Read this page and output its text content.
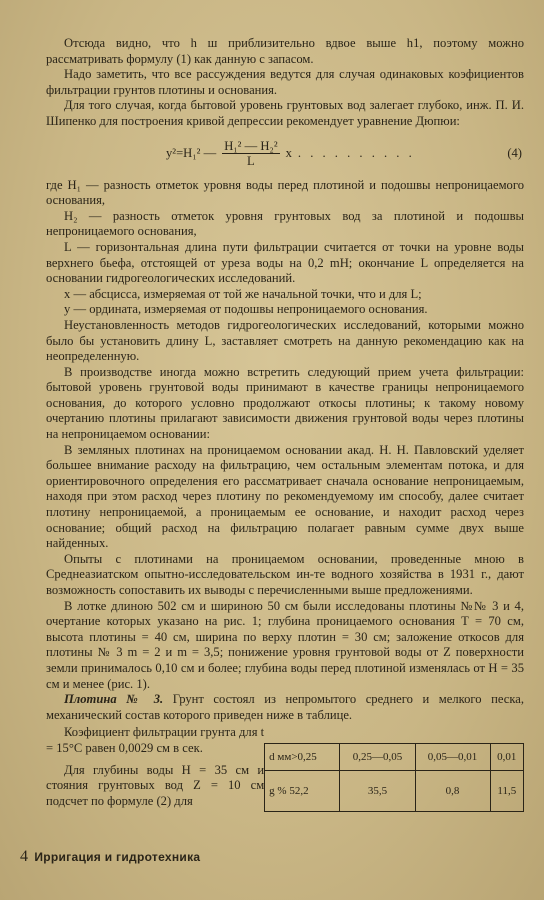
Отсюда видно, что h ш приблизительно вдвое выше h1, поэтому можно рассматривать формулу (1) как данную с запасом.

Надо заметить, что все рассуждения ведутся для случая одинаковых коэфициентов фильтрации грунтов плотины и основания.

Для того случая, когда бытовой уровень грунтовых вод залегает глубоко, инж. П. И. Шипенко для построения кривой депрессии рекомендует уравнение Дюпюи:

y²=H₁² — $\frac{\text{H₁² — H₂²}}{L}$ x . . . . . . . . . .	(4)

где H₁ — разность отметок уровня воды перед плотиной и подошвы непроницаемого основания,

H₂ — разность отметок уровня грунтовых вод за плотиной и подошвы непроницаемого основания,

L — горизонтальная длина пути фильтрации считается от точки на уровне воды верхнего бьефа, отстоящей от уреза воды на 0,2 mH; окончание L определяется на основании гидрогеологических исследований.

x — абсцисса, измеряемая от той же начальной точки, что и для L;

y — ордината, измеряемая от подошвы непроницаемого основания.

Неустановленность методов гидрогеологических исследований, которыми можно было бы установить длину L, заставляет смотреть на данную рекомендацию как на неопределенную.

В производстве иногда можно встретить следующий прием учета фильтрации: бытовой уровень грунтовой воды принимают в качестве границы непроницаемого основания, до которого условно продолжают откосы плотины; к такому новому очертанию плотины прилагают зависимости движения грунтовой воды через плотины на непроницаемом основании:

В земляных плотинах на проницаемом основании акад. Н. Н. Павловский уделяет большее внимание расходу на фильтрацию, чем остальным элементам потока, и для ориентировочного определения его рассматривает сначала основание непроницаемым, находя при этом расход через плотину по рекомендуемому им способу, далее считает плотину непроницаемой, а проницаемым ее основание, и находит расход через основание; общий расход на фильтрацию полагает равным сумме двух выше найденных.

Опыты с плотинами на проницаемом основании, проведенные мною в Среднеазиатском опытно-исследовательском ин-те водного хозяйства в 1931 г., дают возможность сопоставить их выводы с перечисленными выше предложениями.

В лотке длиною 502 см и шириною 50 см были исследованы плотины №№ 3 и 4, очертание которых указано на рис. 1; глубина проницаемого основания T = 70 см, высота плотины = 40 см, ширина по верху плотин = 30 см; заложение откосов для плотины № 3 m = 2 и m = 3,5; понижение уровня грунтовой воды от Z поверхности земли принималось 0,10 см и более; глубина воды перед плотиной изменялась от H = 35 см и менее (рис. 1).

Плотина № 3. Грунт состоял из непромытого среднего и мелкого песка, механический состав которого приведен ниже в таблице.

Коэфициент фильтрации грунта для t = 15°C равен 0,0029 см в сек.

Для глубины воды H = 35 см и стояния грунтовых вод Z = 10 см подсчет по формуле (2) для

d мм>0,25	0,25—0,05	0,05—0,01	0,01
g % 52,2	35,5	0,8	11,5
4 Ирригация и гидротехника
